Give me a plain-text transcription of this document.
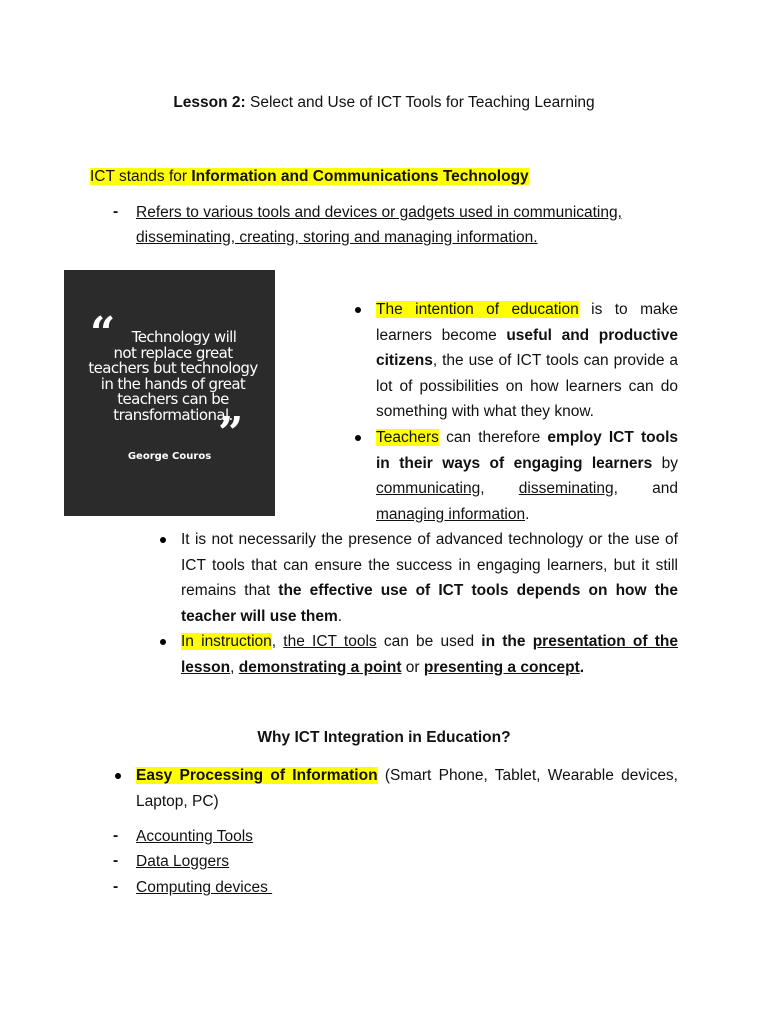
Lesson 2: Select and Use of ICT Tools for Teaching Learning
ICT stands for Information and Communications Technology
- Refers to various tools and devices or gadgets used in communicating,
disseminating, creating, storing and managing information.
“	Technology will
not replace great
teachers but technology
in the hands of great
teachers can be
transformational.
”
George Couros
The intention of education is to make learners become useful and productive citizens, the use of ICT tools can provide a lot of possibilities on how learners can do something with what they know.
Teachers can therefore employ ICT tools in their ways of engaging learners by communicating, disseminating, and managing information.
It is not necessarily the presence of advanced technology or the use of ICT tools that can ensure the success in engaging learners, but it still remains that the effective use of ICT tools depends on how the teacher will use them.
In instruction, the ICT tools can be used in the presentation of the lesson, demonstrating a point or presenting a concept.
Why ICT Integration in Education?
Easy Processing of Information (Smart Phone, Tablet, Wearable devices, Laptop, PC)
- Accounting Tools
- Data Loggers
- Computing devices
